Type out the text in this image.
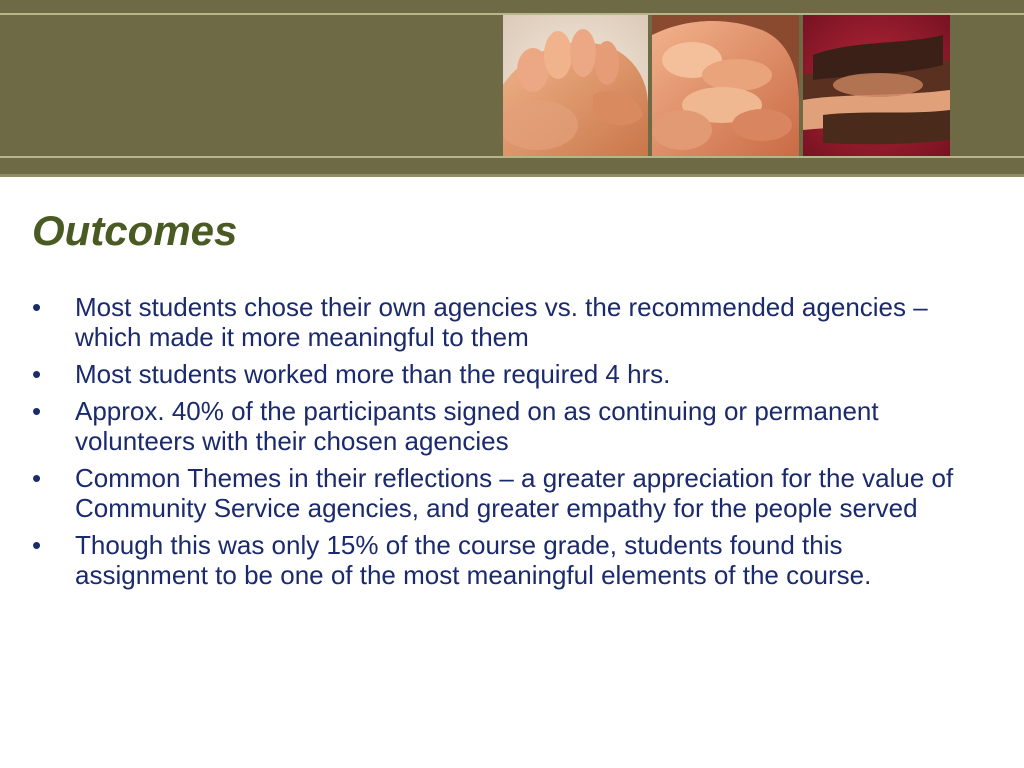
Outcomes
•	Most students chose their own agencies vs. the recommended agencies – which made it more meaningful to them
•	Most students worked more than the required 4 hrs.
•	Approx. 40% of the participants signed on as continuing or permanent volunteers with their chosen agencies
•	Common Themes in their reflections – a greater appreciation for the value of Community Service agencies, and greater empathy for the people served
•	Though this was only 15% of the course grade, students found this assignment to be one of the most meaningful elements of the course.
